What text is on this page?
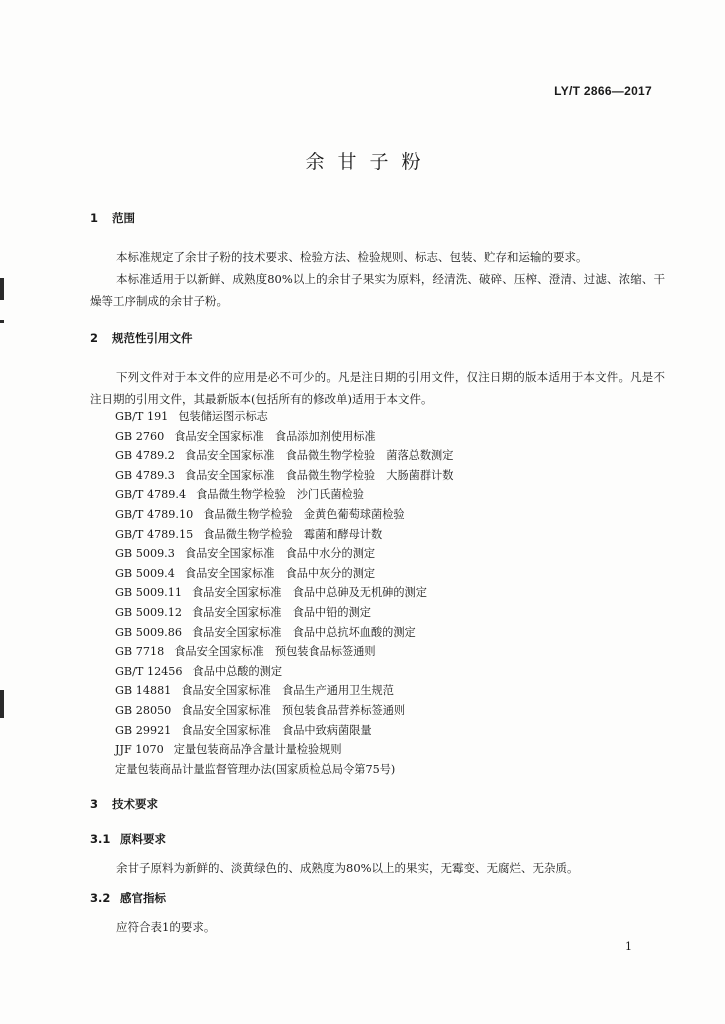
LY/T 2866—2017
余甘子粉
1 范围
本标准规定了余甘子粉的技术要求、检验方法、检验规则、标志、包装、贮存和运输的要求。
本标准适用于以新鲜、成熟度80%以上的余甘子果实为原料，经清洗、破碎、压榨、澄清、过滤、浓缩、干燥等工序制成的余甘子粉。
2 规范性引用文件
下列文件对于本文件的应用是必不可少的。凡是注日期的引用文件，仅注日期的版本适用于本文件。凡是不注日期的引用文件，其最新版本(包括所有的修改单)适用于本文件。
GB/T 191 包装储运图示标志
GB 2760 食品安全国家标准　食品添加剂使用标准
GB 4789.2 食品安全国家标准　食品微生物学检验　菌落总数测定
GB 4789.3 食品安全国家标准　食品微生物学检验　大肠菌群计数
GB/T 4789.4 食品微生物学检验　沙门氏菌检验
GB/T 4789.10 食品微生物学检验　金黄色葡萄球菌检验
GB/T 4789.15 食品微生物学检验　霉菌和酵母计数
GB 5009.3 食品安全国家标准　食品中水分的测定
GB 5009.4 食品安全国家标准　食品中灰分的测定
GB 5009.11 食品安全国家标准　食品中总砷及无机砷的测定
GB 5009.12 食品安全国家标准　食品中铅的测定
GB 5009.86 食品安全国家标准　食品中总抗坏血酸的测定
GB 7718 食品安全国家标准　预包装食品标签通则
GB/T 12456 食品中总酸的测定
GB 14881 食品安全国家标准　食品生产通用卫生规范
GB 28050 食品安全国家标准　预包装食品营养标签通则
GB 29921 食品安全国家标准　食品中致病菌限量
JJF 1070 定量包装商品净含量计量检验规则
定量包装商品计量监督管理办法(国家质检总局令第75号)
3 技术要求
3.1 原料要求
余甘子原料为新鲜的、淡黄绿色的、成熟度为80%以上的果实，无霉变、无腐烂、无杂质。
3.2 感官指标
应符合表1的要求。
1
